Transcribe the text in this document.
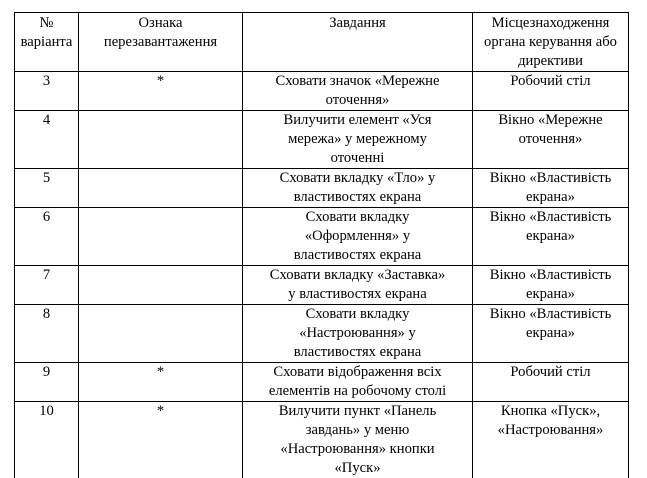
№
варіанта	Ознака
перезавантаження	Завдання	Місцезнаходження
органа керування або
директиви
3	*	Сховати значок «Мережне
оточення»	Робочий стіл
4		Вилучити елемент «Уся
мережа» у мережному
оточенні	Вікно «Мережне
оточення»
5		Сховати вкладку «Тло» у
властивостях екрана	Вікно «Властивість
екрана»
6		Сховати вкладку
«Оформлення» у
властивостях екрана	Вікно «Властивість
екрана»
7		Сховати вкладку «Заставка»
у властивостях екрана	Вікно «Властивість
екрана»
8		Сховати вкладку
«Настроювання» у
властивостях екрана	Вікно «Властивість
екрана»
9	*	Сховати відображення всіх
елементів на робочому столі	Робочий стіл
10	*	Вилучити пункт «Панель
завдань» у меню
«Настроювання» кнопки
«Пуск»	Кнопка «Пуск»,
«Настроювання»
